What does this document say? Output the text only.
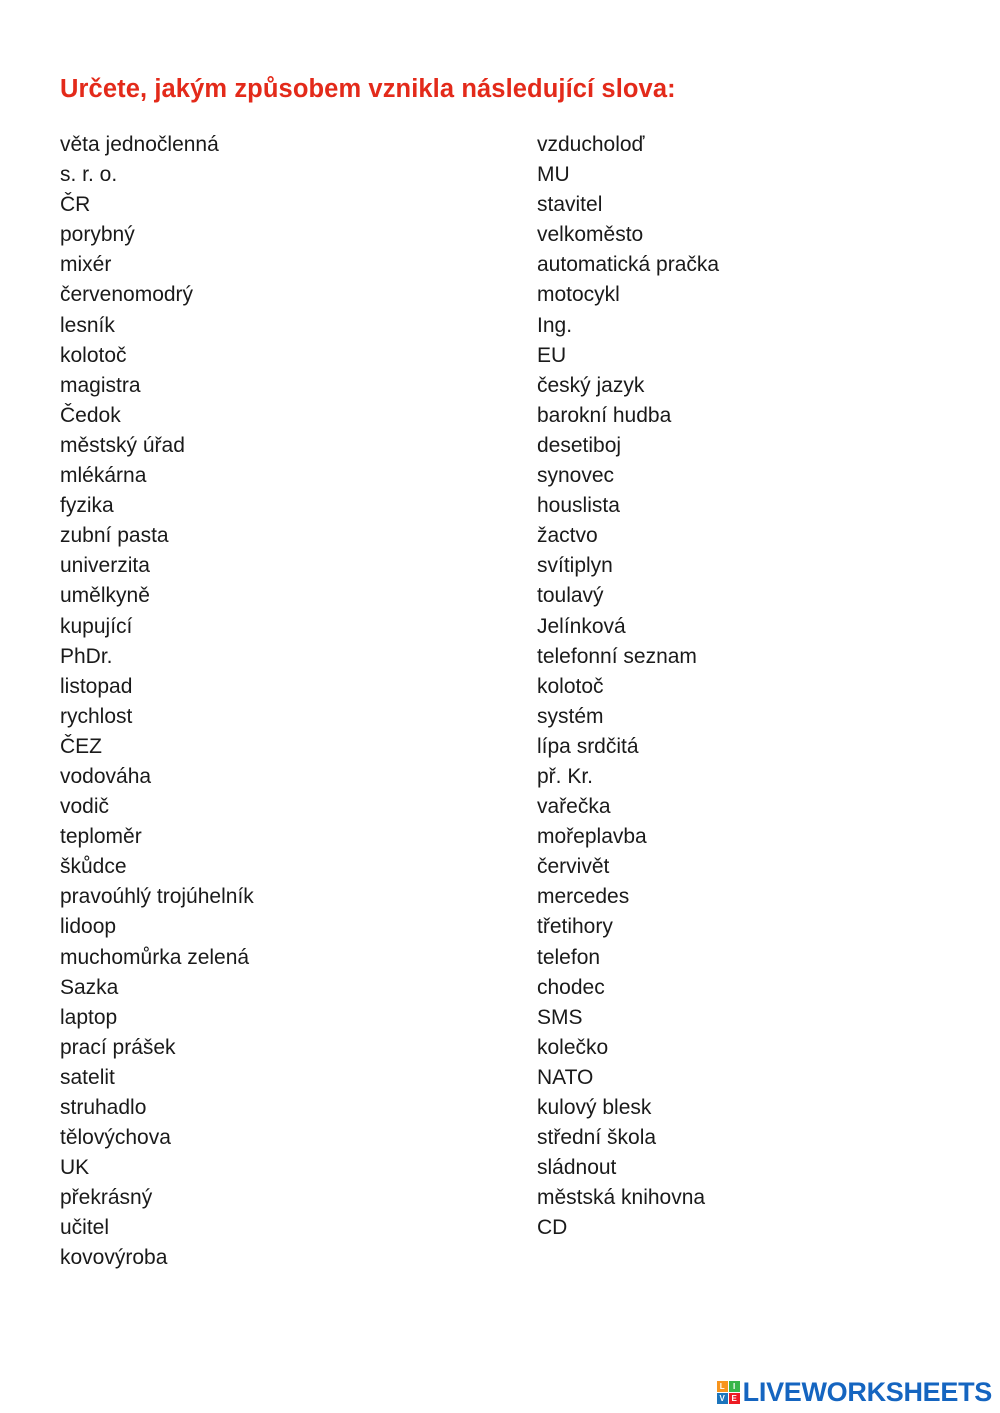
Určete, jakým způsobem vznikla následující slova:
věta jednočlenná
s. r. o.
ČR
porybný
mixér
červenomodrý
lesník
kolotoč
magistra
Čedok
městský úřad
mlékárna
fyzika
zubní pasta
univerzita
umělkyně
kupující
PhDr.
listopad
rychlost
ČEZ
vodováha
vodič
teploměr
škůdce
pravoúhlý trojúhelník
lidoop
muchomůrka zelená
Sazka
laptop
prací prášek
satelit
struhadlo
tělovýchova
UK
překrásný
učitel
kovovýroba
vzducholoď
MU
stavitel
velkoměsto
automatická pračka
motocykl
Ing.
EU
český jazyk
barokní hudba
desetiboj
synovec
houslista
žactvo
svítiplyn
toulavý
Jelínková
telefonní seznam
kolotoč
systém
lípa srdčitá
př. Kr.
vařečka
mořeplavba
červivět
mercedes
třetihory
telefon
chodec
SMS
kolečko
NATO
kulový blesk
střední škola
sládnout
městská knihovna
CD
L	I
V E LIVEWORKSHEETS
